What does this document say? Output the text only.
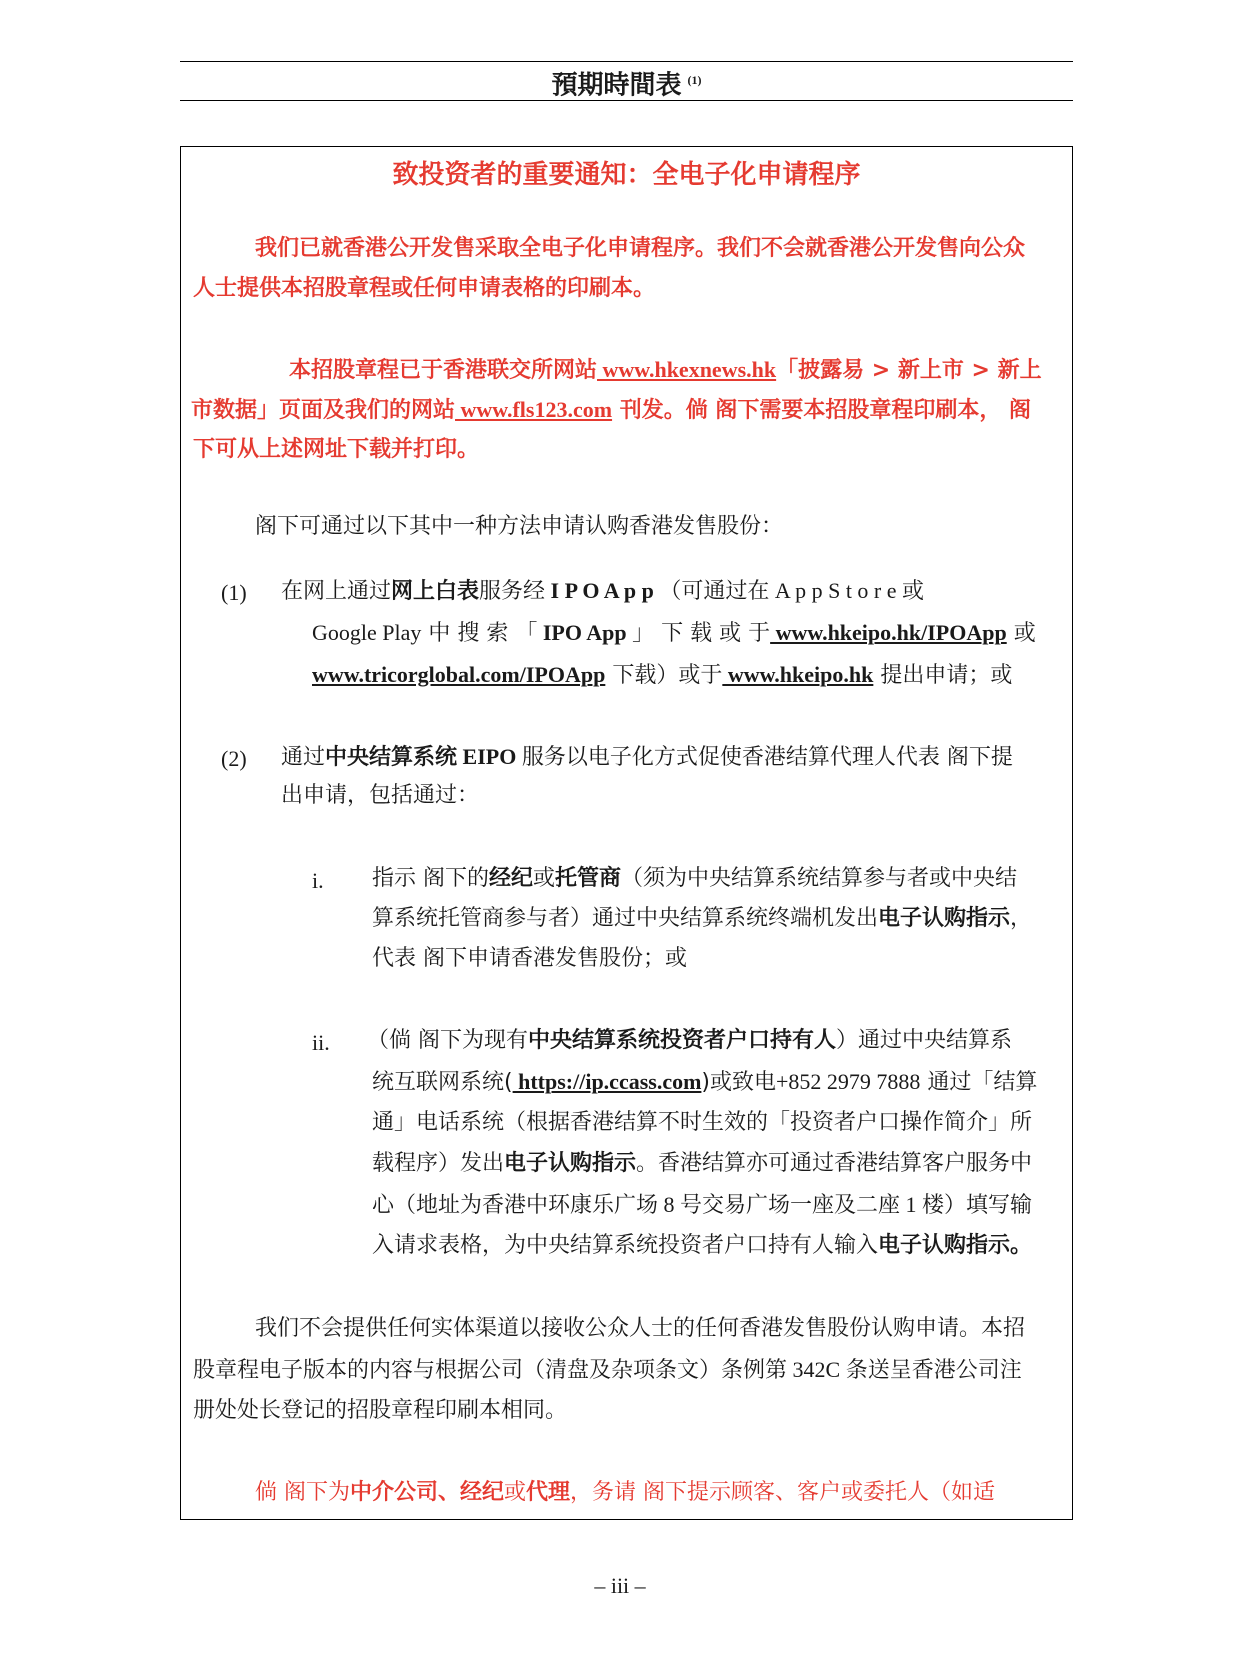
預期時間表 $^{(1)}$
致投资者的重要通知：全电子化申请程序
我们已就香港公开发售采取全电子化申请程序。我们不会就香港公开发售向公众
人士提供本招股章程或任何申请表格的印刷本。
本招股章程已于香港联交所网站 www.hkexnews.hk「披露易 > 新上市 > 新上
市数据」页面及我们的网站 www.fls123.com 刊发。倘 阁下需要本招股章程印刷本， 阁
下可从上述网址下载并打印。
阁下可通过以下其中一种方法申请认购香港发售股份：
(1) 在网上通过网上白表服务经 I P O A p p （可通过在 A p p S t o r e 或
Google Play 中 搜 索 「 IPO App 」 下 载 或 于 www.hkeipo.hk/IPOApp 或
www.tricorglobal.com/IPOApp 下载）或于 www.hkeipo.hk 提出申请；或
(2) 通过中央结算系统 EIPO 服务以电子化方式促使香港结算代理人代表 阁下提
出申请，包括通过：
i. 指示 阁下的经纪或托管商（须为中央结算系统结算参与者或中央结
算系统托管商参与者）通过中央结算系统终端机发出电子认购指示，
代表 阁下申请香港发售股份；或
ii. （倘 阁下为现有中央结算系统投资者户口持有人）通过中央结算系
统互联网系统( https://ip.ccass.com)或致电+852 2979 7888 通过「结算
通」电话系统（根据香港结算不时生效的「投资者户口操作简介」所
载程序）发出电子认购指示。香港结算亦可通过香港结算客户服务中
心（地址为香港中环康乐广场 8 号交易广场一座及二座 1 楼）填写输
入请求表格，为中央结算系统投资者户口持有人输入电子认购指示。
我们不会提供任何实体渠道以接收公众人士的任何香港发售股份认购申请。本招
股章程电子版本的内容与根据公司（清盘及杂项条文）条例第 342C 条送呈香港公司注
册处处长登记的招股章程印刷本相同。
倘 阁下为中介公司、经纪或代理，务请 阁下提示顾客、客户或委托人（如适
– iii –
